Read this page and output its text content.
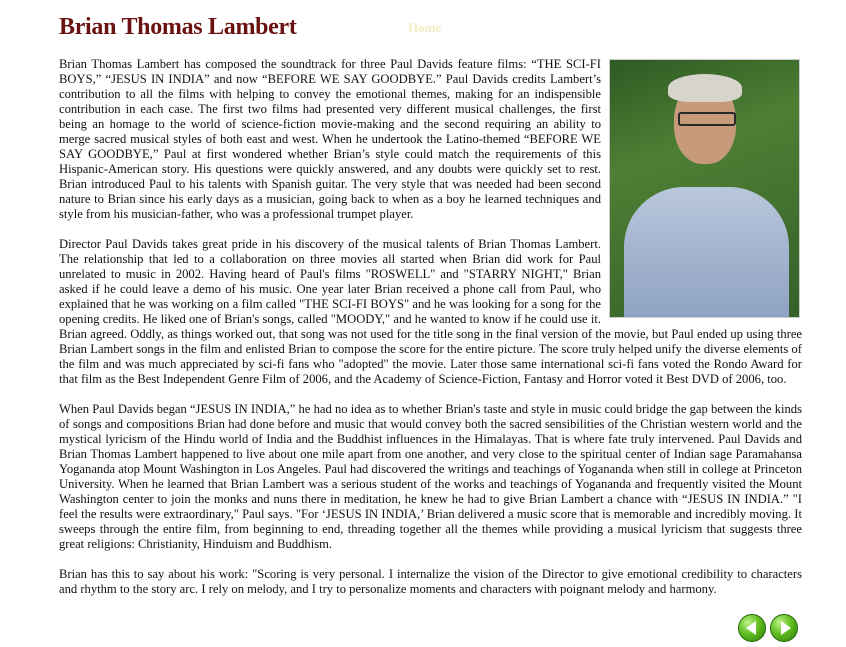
Brian Thomas Lambert	Home

Brian Thomas Lambert has composed the soundtrack for three Paul Davids feature films: “THE SCI-FI BOYS,” “JESUS IN INDIA” and now “BEFORE WE SAY GOODBYE.” Paul Davids credits Lambert’s contribution to all the films with helping to convey the emotional themes, making for an indispensible contribution in each case. The first two films had presented very different musical challenges, the first being an homage to the world of science-fiction movie-making and the second requiring an ability to merge sacred musical styles of both east and west. When he undertook the Latino-themed “BEFORE WE SAY GOODBYE,” Paul at first wondered whether Brian’s style could match the requirements of this Hispanic-American story. His questions were quickly answered, and any doubts were quickly set to rest. Brian introduced Paul to his talents with Spanish guitar. The very style that was needed had been second nature to Brian since his early days as a musician, going back to when as a boy he learned techniques and style from his musician-father, who was a professional trumpet player.

Director Paul Davids takes great pride in his discovery of the musical talents of Brian Thomas Lambert. The relationship that led to a collaboration on three movies all started when Brian did work for Paul unrelated to music in 2002. Having heard of Paul's films "ROSWELL" and "STARRY NIGHT," Brian asked if he could leave a demo of his music. One year later Brian received a phone call from Paul, who explained that he was working on a film called "THE SCI-FI BOYS" and he was looking for a song for the opening credits. He liked one of Brian's songs, called "MOODY," and he wanted to know if he could use it. Brian agreed. Oddly, as things worked out, that song was not used for the title song in the final version of the movie, but Paul ended up using three Brian Lambert songs in the film and enlisted Brian to compose the score for the entire picture. The score truly helped unify the diverse elements of the film and was much appreciated by sci-fi fans who "adopted" the movie. Later those same international sci-fi fans voted the Rondo Award for that film as the Best Independent Genre Film of 2006, and the Academy of Science-Fiction, Fantasy and Horror voted it Best DVD of 2006, too.

When Paul Davids began “JESUS IN INDIA,” he had no idea as to whether Brian's taste and style in music could bridge the gap between the kinds of songs and compositions Brian had done before and music that would convey both the sacred sensibilities of the Christian western world and the mystical lyricism of the Hindu world of India and the Buddhist influences in the Himalayas. That is where fate truly intervened. Paul Davids and Brian Thomas Lambert happened to live about one mile apart from one another, and very close to the spiritual center of Indian sage Paramahansa Yogananda atop Mount Washington in Los Angeles. Paul had discovered the writings and teachings of Yogananda when still in college at Princeton University. When he learned that Brian Lambert was a serious student of the works and teachings of Yogananda and frequently visited the Mount Washington center to join the monks and nuns there in meditation, he knew he had to give Brian Lambert a chance with “JESUS IN INDIA.” "I feel the results were extraordinary," Paul says. "For ‘JESUS IN INDIA,’ Brian delivered a music score that is memorable and incredibly moving. It sweeps through the entire film, from beginning to end, threading together all the themes while providing a musical lyricism that suggests three great religions: Christianity, Hinduism and Buddhism.

Brian has this to say about his work: "Scoring is very personal. I internalize the vision of the Director to give emotional credibility to characters and rhythm to the story arc. I rely on melody, and I try to personalize moments and characters with poignant melody and harmony.
